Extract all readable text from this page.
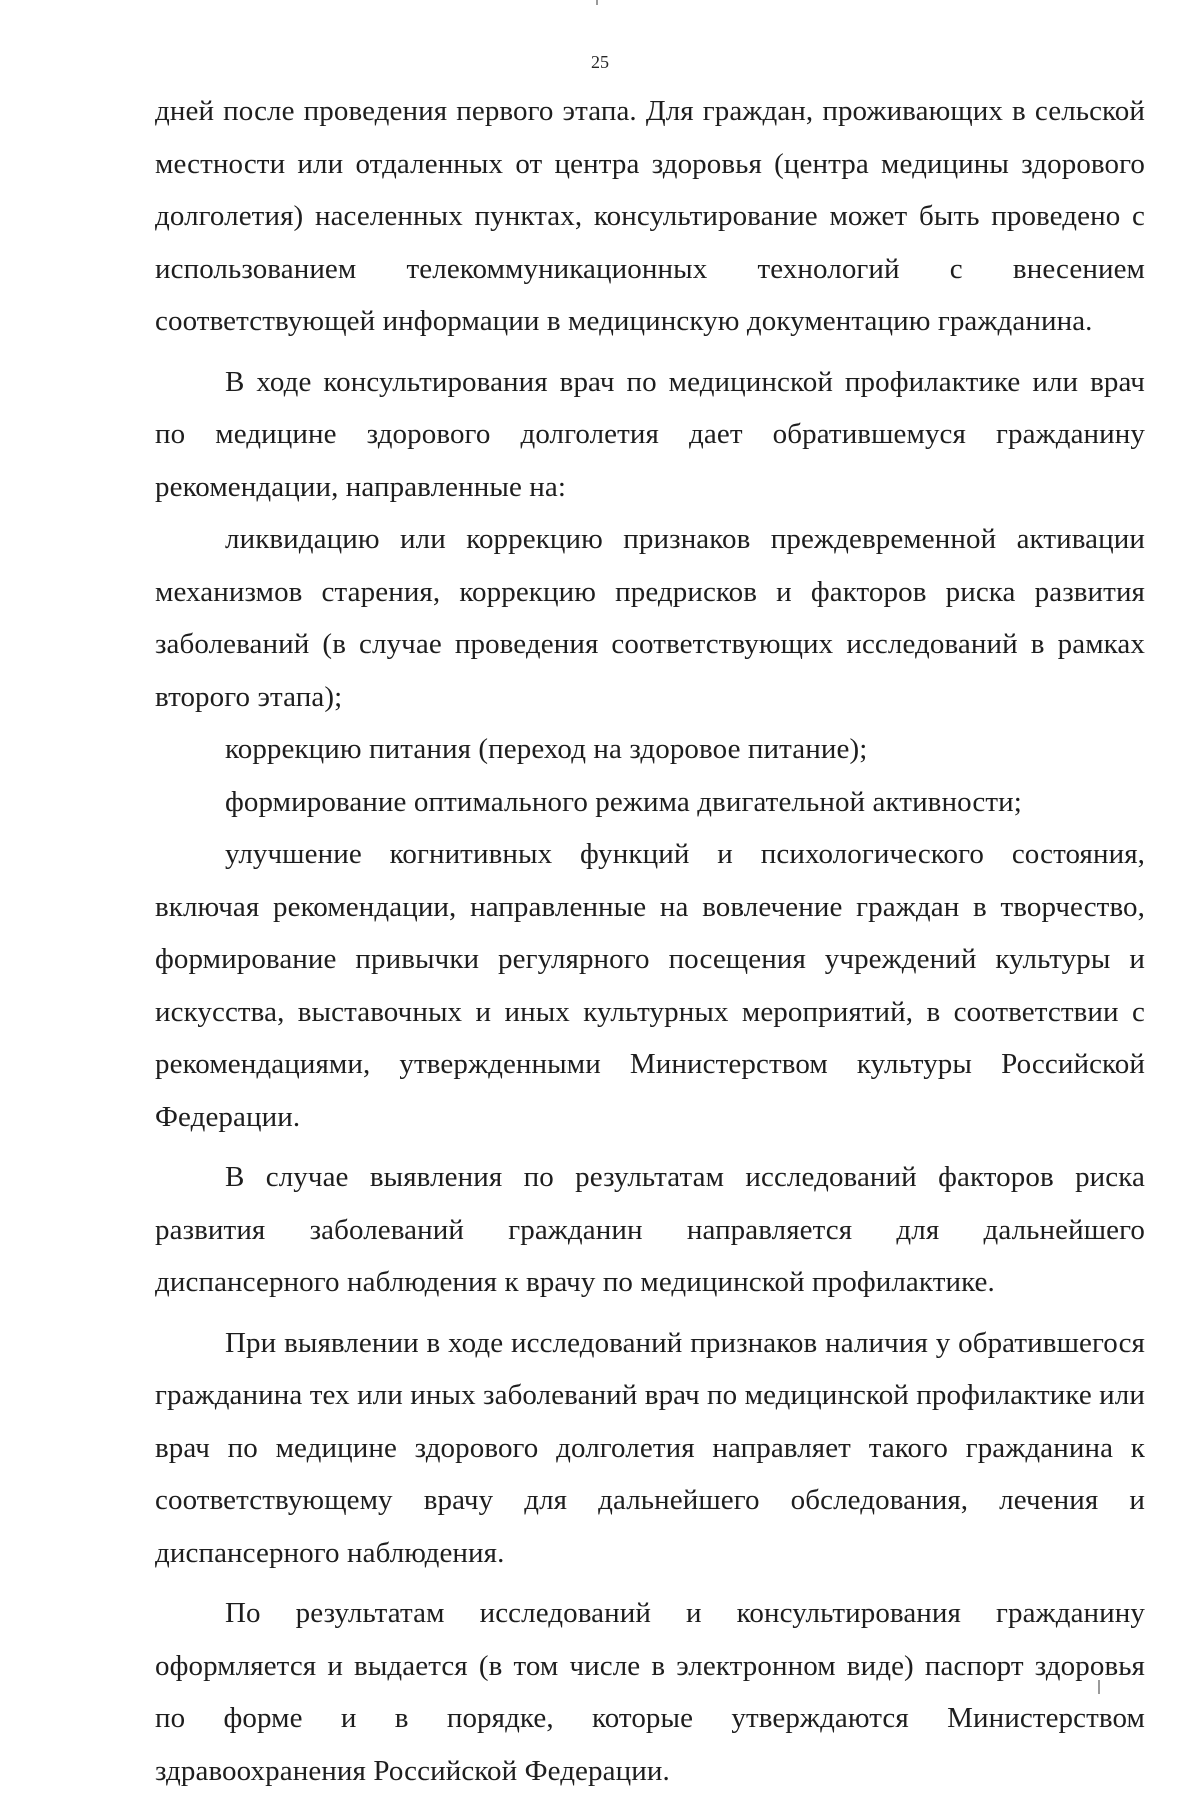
25

дней после проведения первого этапа. Для граждан, проживающих в сельской местности или отдаленных от центра здоровья (центра медицины здорового долголетия) населенных пунктах, консультирование может быть проведено с использованием телекоммуникационных технологий с внесением соответствующей информации в медицинскую документацию гражданина.

В ходе консультирования врач по медицинской профилактике или врач по медицине здорового долголетия дает обратившемуся гражданину рекомендации, направленные на:

ликвидацию или коррекцию признаков преждевременной активации механизмов старения, коррекцию предрисков и факторов риска развития заболеваний (в случае проведения соответствующих исследований в рамках второго этапа);

коррекцию питания (переход на здоровое питание);

формирование оптимального режима двигательной активности;

улучшение когнитивных функций и психологического состояния, включая рекомендации, направленные на вовлечение граждан в творчество, формирование привычки регулярного посещения учреждений культуры и искусства, выставочных и иных культурных мероприятий, в соответствии с рекомендациями, утвержденными Министерством культуры Российской Федерации.

В случае выявления по результатам исследований факторов риска развития заболеваний гражданин направляется для дальнейшего диспансерного наблюдения к врачу по медицинской профилактике.

При выявлении в ходе исследований признаков наличия у обратившегося гражданина тех или иных заболеваний врач по медицинской профилактике или врач по медицине здорового долголетия направляет такого гражданина к соответствующему врачу для дальнейшего обследования, лечения и диспансерного наблюдения.

По результатам исследований и консультирования гражданину оформляется и выдается (в том числе в электронном виде) паспорт здоровья по форме и в порядке, которые утверждаются Министерством здравоохранения Российской Федерации.
